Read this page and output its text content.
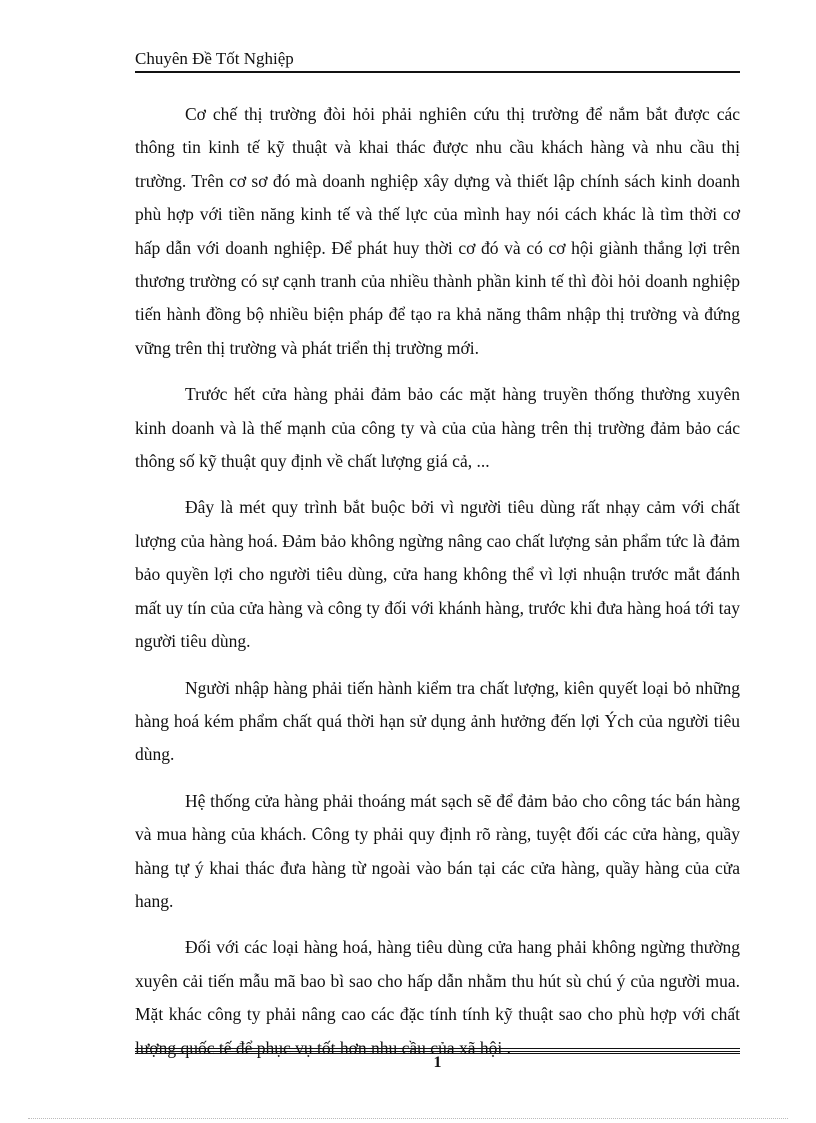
Chuyên Đề Tốt Nghiệp

Cơ chế thị trường đòi hỏi phải nghiên cứu thị trường để nắm bắt được các thông tin kinh tế kỹ thuật và khai thác được nhu cầu khách hàng và nhu cầu thị trường. Trên cơ sơ đó mà doanh nghiệp xây dựng và thiết lập chính sách kinh doanh phù hợp với tiền năng kinh tế và thế lực của mình hay nói cách khác là tìm thời cơ hấp dẫn với doanh nghiệp. Để phát huy thời cơ đó và có cơ hội giành thắng lợi trên thương trường có sự cạnh tranh của nhiều thành phần kinh tế thì đòi hỏi doanh nghiệp tiến hành đồng bộ nhiều biện pháp để tạo ra khả năng thâm nhập thị trường và đứng vững trên thị trường và phát triển thị trường mới.

Trước hết cửa hàng phải đảm bảo các mặt hàng truyền thống thường xuyên kinh doanh và là thế mạnh của công ty và của của hàng trên thị trường đảm bảo các thông số kỹ thuật quy định về chất lượng giá cả, ...

Đây là mét quy trình bắt buộc bởi vì người tiêu dùng rất nhạy cảm với chất lượng của hàng hoá. Đảm bảo không ngừng nâng cao chất lượng sản phẩm tức là đảm bảo quyền lợi cho người tiêu dùng, cửa hang không thể vì lợi nhuận trước mắt đánh mất uy tín của cửa hàng và công ty đối với khánh hàng, trước khi đưa hàng hoá tới tay người tiêu dùng.

Người nhập hàng phải tiến hành kiểm tra chất lượng, kiên quyết loại bỏ những hàng hoá kém phẩm chất quá thời hạn sử dụng ảnh hưởng đến lợi Ých của người tiêu dùng.

Hệ thống cửa hàng phải thoáng mát sạch sẽ để đảm bảo cho công tác bán hàng và mua hàng của khách. Công ty phải quy định rõ ràng, tuyệt đối các cửa hàng, quầy hàng tự ý khai thác đưa hàng từ ngoài vào bán tại các cửa hàng, quầy hàng của cửa hang.

Đối với các loại hàng hoá, hàng tiêu dùng cửa hang phải không ngừng thường xuyên cải tiến mẫu mã bao bì sao cho hấp dẫn nhằm thu hút sù chú ý của người mua. Mặt khác công ty phải nâng cao các đặc tính tính kỹ thuật sao cho phù hợp với chất lượng quốc tế để phục vụ tốt hơn nhu cầu của xã hội .

1
